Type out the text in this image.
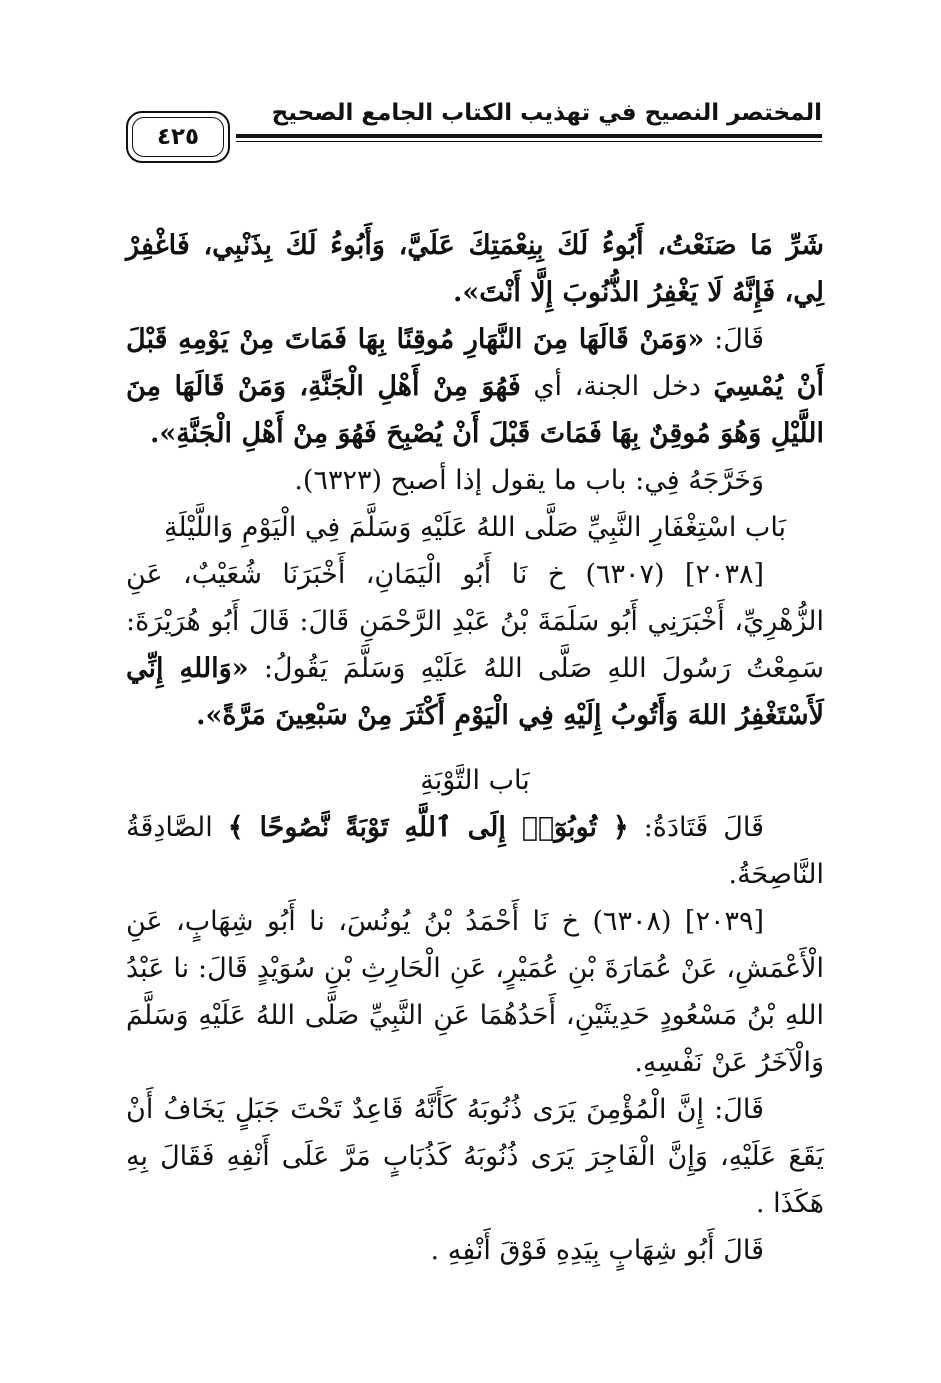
المختصر النصيح في تهذيب الكتاب الجامع الصحيح
٤٢٥

شَرِّ مَا صَنَعْتُ، أَبُوءُ لَكَ بِنِعْمَتِكَ عَلَيَّ، وَأَبُوءُ لَكَ بِذَنْبِي، فَاغْفِرْ لِي، فَإِنَّهُ لَا يَغْفِرُ الذُّنُوبَ إِلَّا أَنْتَ».

قَالَ: «وَمَنْ قَالَهَا مِنَ النَّهَارِ مُوقِنًا بِهَا فَمَاتَ مِنْ يَوْمِهِ قَبْلَ أَنْ يُمْسِيَ دخل الجنة، أي فَهُوَ مِنْ أَهْلِ الْجَنَّةِ، وَمَنْ قَالَهَا مِنَ اللَّيْلِ وَهُوَ مُوقِنٌ بِهَا فَمَاتَ قَبْلَ أَنْ يُصْبِحَ فَهُوَ مِنْ أَهْلِ الْجَنَّةِ».

وَخَرَّجَهُ فِي: باب ما يقول إذا أصبح (٦٣٢٣).

بَاب اسْتِغْفَارِ النَّبِيِّ صَلَّى اللهُ عَلَيْهِ وَسَلَّمَ فِي الْيَوْمِ وَاللَّيْلَةِ

[٢٠٣٨] (٦٣٠٧) خ نَا أَبُو الْيَمَانِ، أَخْبَرَنَا شُعَيْبٌ، عَنِ الزُّهْرِيِّ، أَخْبَرَنِي أَبُو سَلَمَةَ بْنُ عَبْدِ الرَّحْمَنِ قَالَ: قَالَ أَبُو هُرَيْرَةَ: سَمِعْتُ رَسُولَ اللهِ صَلَّى اللهُ عَلَيْهِ وَسَلَّمَ يَقُولُ: «وَاللهِ إِنِّي لَأَسْتَغْفِرُ اللهَ وَأَتُوبُ إِلَيْهِ فِي الْيَوْمِ أَكْثَرَ مِنْ سَبْعِينَ مَرَّةً».

بَاب التَّوْبَةِ

قَالَ قَتَادَةُ: ﴿ تُوبُوٓا۟ إِلَى ٱللَّهِ تَوْبَةً نَّصُوحًا ﴾ الصَّادِقَةُ النَّاصِحَةُ.

[٢٠٣٩] (٦٣٠٨) خ نَا أَحْمَدُ بْنُ يُونُسَ، نا أَبُو شِهَابٍ، عَنِ الْأَعْمَشِ، عَنْ عُمَارَةَ بْنِ عُمَيْرٍ، عَنِ الْحَارِثِ بْنِ سُوَيْدٍ قَالَ: نا عَبْدُ اللهِ بْنُ مَسْعُودٍ حَدِيثَيْنِ، أَحَدُهُمَا عَنِ النَّبِيِّ صَلَّى اللهُ عَلَيْهِ وَسَلَّمَ وَالْآخَرُ عَنْ نَفْسِهِ.

قَالَ: إِنَّ الْمُؤْمِنَ يَرَى ذُنُوبَهُ كَأَنَّهُ قَاعِدٌ تَحْتَ جَبَلٍ يَخَافُ أَنْ يَقَعَ عَلَيْهِ، وَإِنَّ الْفَاجِرَ يَرَى ذُنُوبَهُ كَذُبَابٍ مَرَّ عَلَى أَنْفِهِ فَقَالَ بِهِ هَكَذَا .

قَالَ أَبُو شِهَابٍ بِيَدِهِ فَوْقَ أَنْفِهِ .
